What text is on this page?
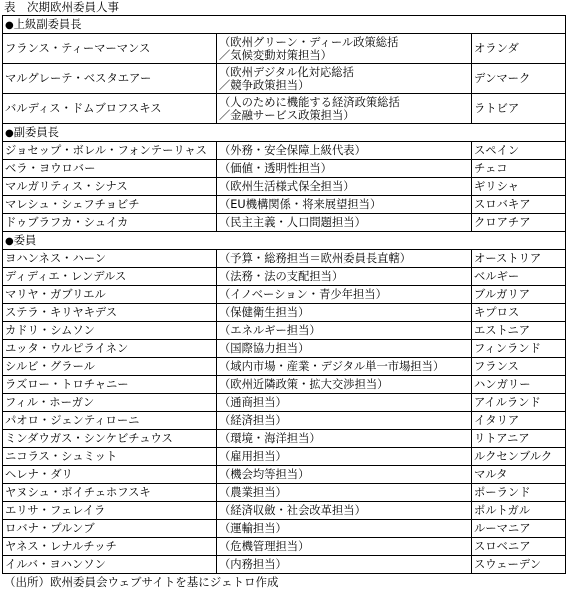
表　次期欧州委員人事
●上級副委員長		
フランス・ティーマーマンス	（欧州グリーン・ディール政策総括
／気候変動対策担当）	オランダ
マルグレーテ・ベスタエアー	（欧州デジタル化対応総括
／競争政策担当）	デンマーク
バルディス・ドムブロフスキス	（人のために機能する経済政策総括
／金融サービス政策担当）	ラトビア
●副委員長		
ジョセップ・ボレル・フォンテーリャス	（外務・安全保障上級代表）	スペイン
ベラ・ヨウロバー	（価値・透明性担当）	チェコ
マルガリティス・シナス	（欧州生活様式保全担当）	ギリシャ
マレシュ・シェフチョビチ	（EU機構関係・将来展望担当）	スロバキア
ドゥブラフカ・シュイカ	（民主主義・人口問題担当）	クロアチア
●委員		
ヨハンネス・ハーン	（予算・総務担当＝欧州委員長直轄）	オーストリア
ディディエ・レンデルス	（法務・法の支配担当）	ベルギー
マリヤ・ガブリエル	（イノベーション・青少年担当）	ブルガリア
ステラ・キリヤキデス	（保健衛生担当）	キプロス
カドリ・シムソン	（エネルギー担当）	エストニア
ユッタ・ウルピライネン	（国際協力担当）	フィンランド
シルビ・グラール	（域内市場・産業・デジタル単一市場担当）	フランス
ラズロー・トロチャニー	（欧州近隣政策・拡大交渉担当）	ハンガリー
フィル・ホーガン	（通商担当）	アイルランド
パオロ・ジェンティローニ	（経済担当）	イタリア
ミンダウガス・シンケビチュウス	（環境・海洋担当）	リトアニア
ニコラス・シュミット	（雇用担当）	ルクセンブルク
ヘレナ・ダリ	（機会均等担当）	マルタ
ヤヌシュ・ボイチェホフスキ	（農業担当）	ポーランド
エリサ・フェレイラ	（経済収斂・社会改革担当）	ポルトガル
ロバナ・プルンブ	（運輸担当）	ルーマニア
ヤネス・レナルチッチ	（危機管理担当）	スロベニア
イルバ・ヨハンソン	（内務担当）	スウェーデン
（出所）欧州委員会ウェブサイトを基にジェトロ作成
